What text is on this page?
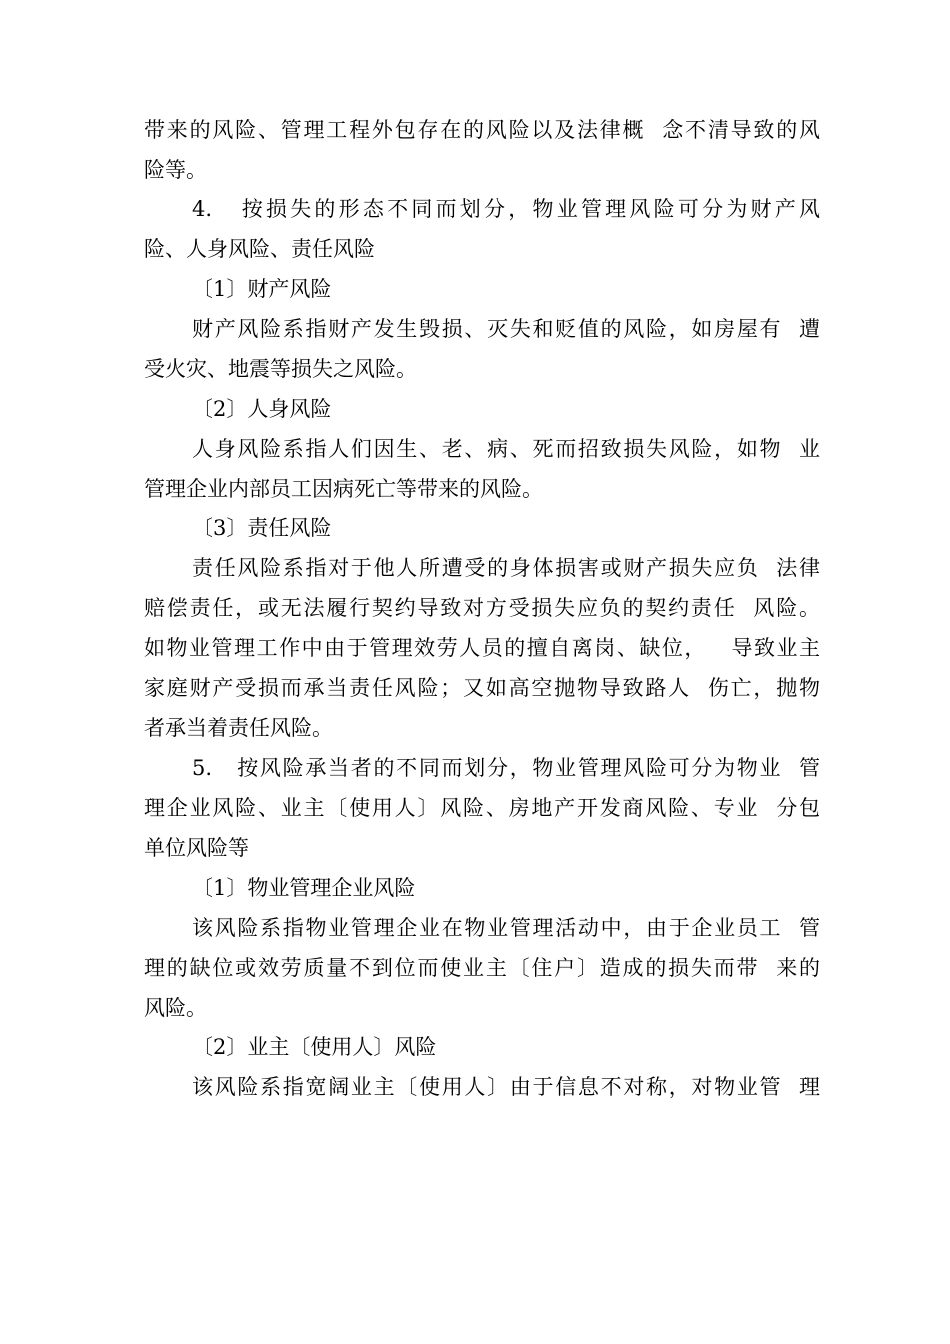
带来的风险、管理工程外包存在的风险以及法律概  念不清导致的风
险等。
4.   按损失的形态不同而划分，物业管理风险可分为财产风
险、人身风险、责任风险
〔1〕财产风险
财产风险系指财产发生毁损、灭失和贬值的风险，如房屋有  遭
受火灾、地震等损失之风险。
〔2〕人身风险
人身风险系指人们因生、老、病、死而招致损失风险，如物  业
管理企业内部员工因病死亡等带来的风险。
〔3〕责任风险
责任风险系指对于他人所遭受的身体损害或财产损失应负  法律
赔偿责任，或无法履行契约导致对方受损失应负的契约责任  风险。
如物业管理工作中由于管理效劳人员的擅自离岗、缺位，   导致业主
家庭财产受损而承当责任风险；又如高空抛物导致路人  伤亡，抛物
者承当着责任风险。
5.   按风险承当者的不同而划分，物业管理风险可分为物业  管
理企业风险、业主〔使用人〕风险、房地产开发商风险、专业  分包
单位风险等
〔1〕物业管理企业风险
该风险系指物业管理企业在物业管理活动中，由于企业员工  管
理的缺位或效劳质量不到位而使业主〔住户〕造成的损失而带  来的
风险。
〔2〕业主〔使用人〕风险
该风险系指宽阔业主〔使用人〕由于信息不对称，对物业管  理
